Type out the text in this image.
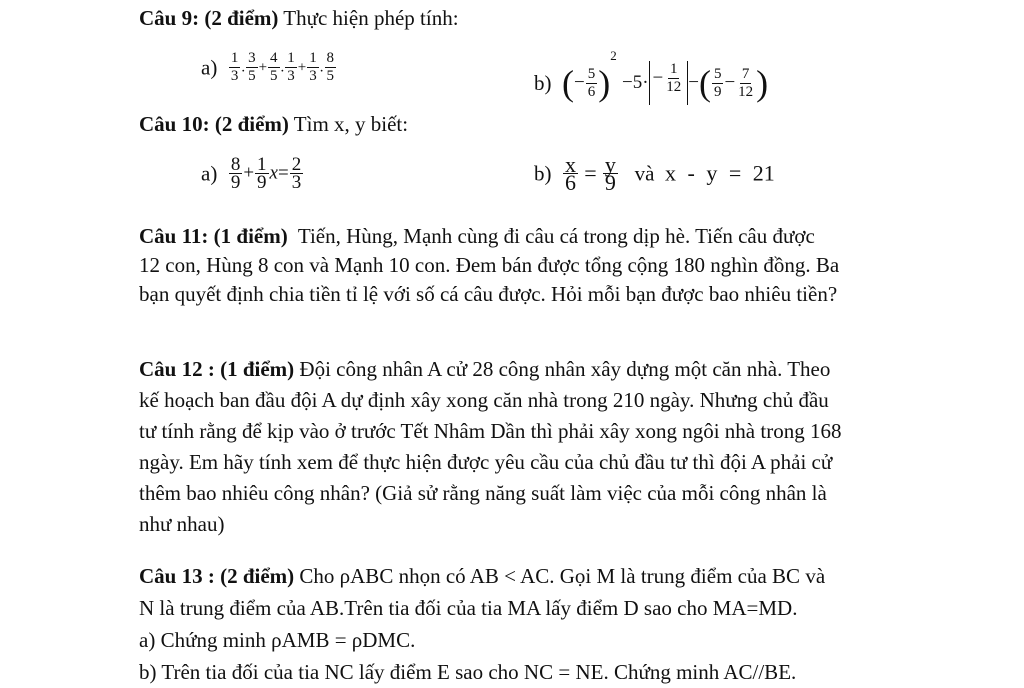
Câu 9: (2 điểm) Thực hiện phép tính:
$a) \frac{1}{3}$ . $\frac{3}{5} + \frac{4}{5}$ . $\frac{1}{3} + \frac{1}{3}$ . $\frac{8}{5}$	b) (− $\frac{5}{6} )^2 -5\cdot - \frac{1}{12}$ −( $\frac{5}{9} - \frac{7}{12}$ )
Câu 10: (2 điểm) Tìm x, y biết:
$a) \frac{8}{9} + \frac{1}{9} x= \frac{2}{3}$	$b) \frac{x}{6} = \frac{y}{9}$ và x - y = 21
Câu 11: (1 điểm) Tiến, Hùng, Mạnh cùng đi câu cá trong dịp hè. Tiến câu được
12 con, Hùng 8 con và Mạnh 10 con. Đem bán được tổng cộng 180 nghìn đồng. Ba
bạn quyết định chia tiền tỉ lệ với số cá câu được. Hỏi mỗi bạn được bao nhiêu tiền?
Câu 12 : (1 điểm) Đội công nhân A cử 28 công nhân xây dựng một căn nhà. Theo
kế hoạch ban đầu đội A dự định xây xong căn nhà trong 210 ngày. Nhưng chủ đầu
tư tính rằng để kịp vào ở trước Tết Nhâm Dần thì phải xây xong ngôi nhà trong 168
ngày. Em hãy tính xem để thực hiện được yêu cầu của chủ đầu tư thì đội A phải cử
thêm bao nhiêu công nhân? (Giả sử rằng năng suất làm việc của mỗi công nhân là
như nhau)
Câu 13 : (2 điểm) Cho ρABC nhọn có AB < AC. Gọi M là trung điểm của BC và
N là trung điểm của AB.Trên tia đối của tia MA lấy điểm D sao cho MA=MD.
a) Chứng minh ρAMB = ρDMC.
b) Trên tia đối của tia NC lấy điểm E sao cho NC = NE. Chứng minh AC//BE.
